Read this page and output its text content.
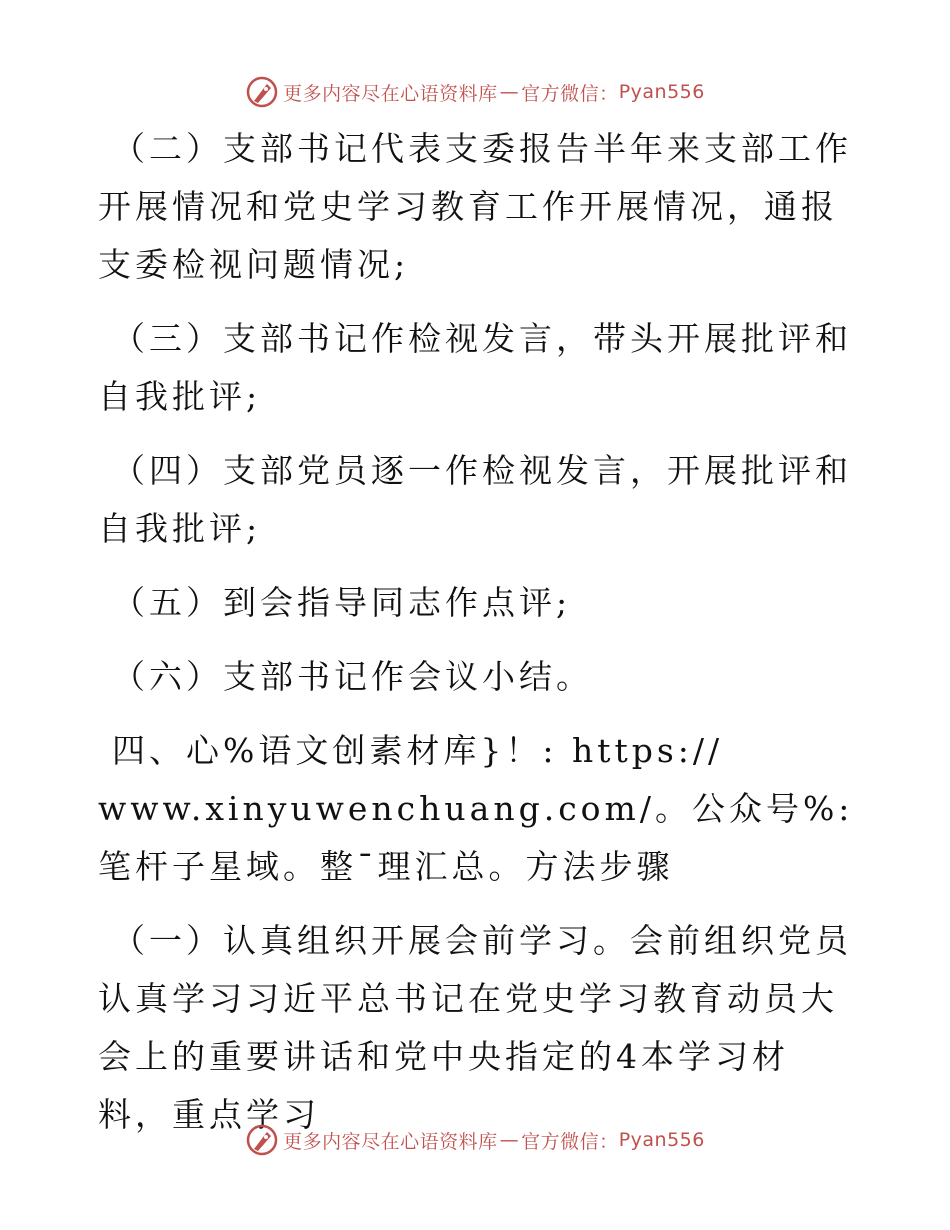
更多内容尽在心语资料库 — 官方微信： Pyan556

（二）支部书记代表支委报告半年来支部工作开展情况和党史学习教育工作开展情况，通报支委检视问题情况;

（三）支部书记作检视发言，带头开展批评和自我批评;

（四）支部党员逐一作检视发言，开展批评和自我批评;

（五）到会指导同志作点评;

（六）支部书记作会议小结。

四、心%语文创素材库}！: https:// www.xinyuwenchuang.com/。公众号%: 笔杆子星域。整¯理汇总。方法步骤

（一）认真组织开展会前学习。会前组织党员认真学习习近平总书记在党史学习教育动员大会上的重要讲话和党中央指定的4本学习材料，重点学习

更多内容尽在心语资料库 — 官方微信： Pyan556
